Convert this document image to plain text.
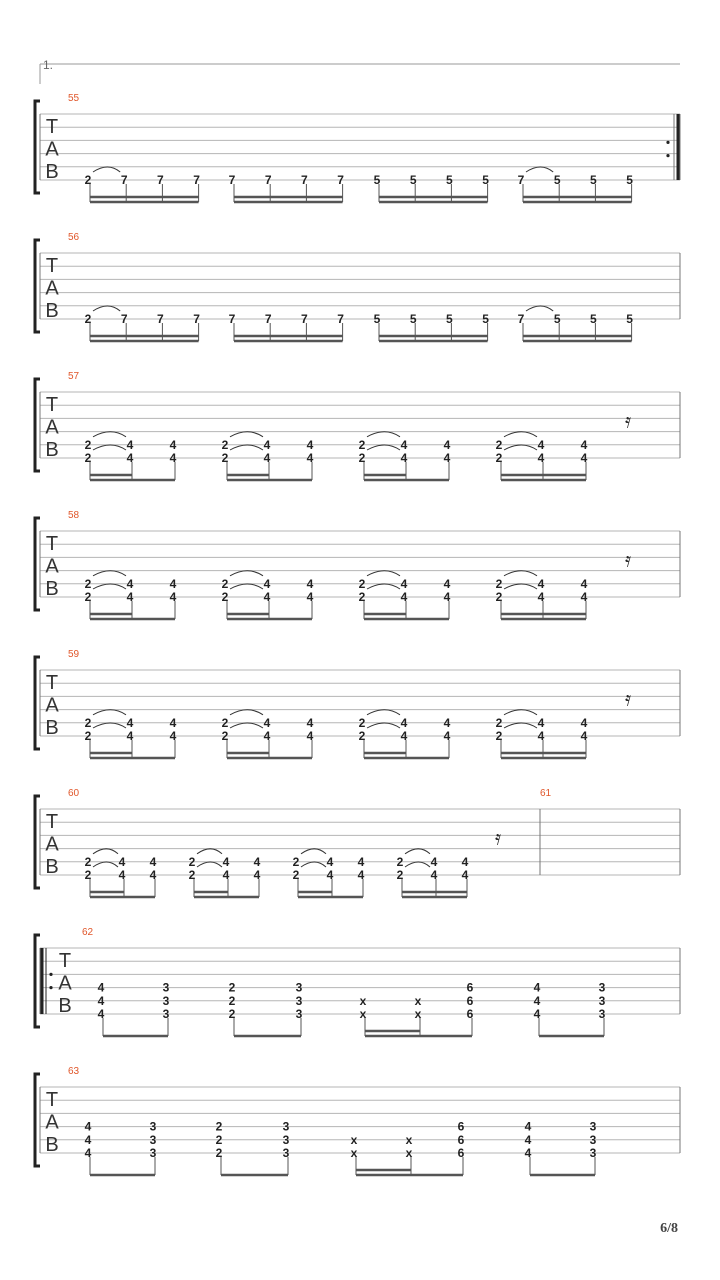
1.
T
A
B
55
2 7 7 7 7 7 7 7 5 5 5 5 7 5 5 5
T
A
B
56
2 7 7 7 7 7 7 7 5 5 5 5 7 5 5 5
T
A
B
57
𝄿
2
2
4
4
4
4
2
2
4
4
4
4
2
2
4
4
4
4
2
2
4
4
4
4
T
A
B
58
𝄿
2
2
4
4
4
4
2
2
4
4
4
4
2
2
4
4
4
4
2
2
4
4
4
4
T
A
B
59
𝄿
2
2
4
4
4
4
2
2
4
4
4
4
2
2
4
4
4
4
2
2
4
4
4
4
T
A
B
60
𝄿
2
2
4
4
4
4
2
2
4
4
4
4
2
2
4
4
4
4
2
2
4
4
4
4
61
T
A
B
62
4
4
4
3
3
3
2
2
2
3
3
3
x
x
x
x
6
6
6
4
4
4
3
3
3
T
A
B
63
4
4
4
3
3
3
2
2
2
3
3
3
x
x
x
x
6
6
6
4
4
4
3
3
3
6/8
